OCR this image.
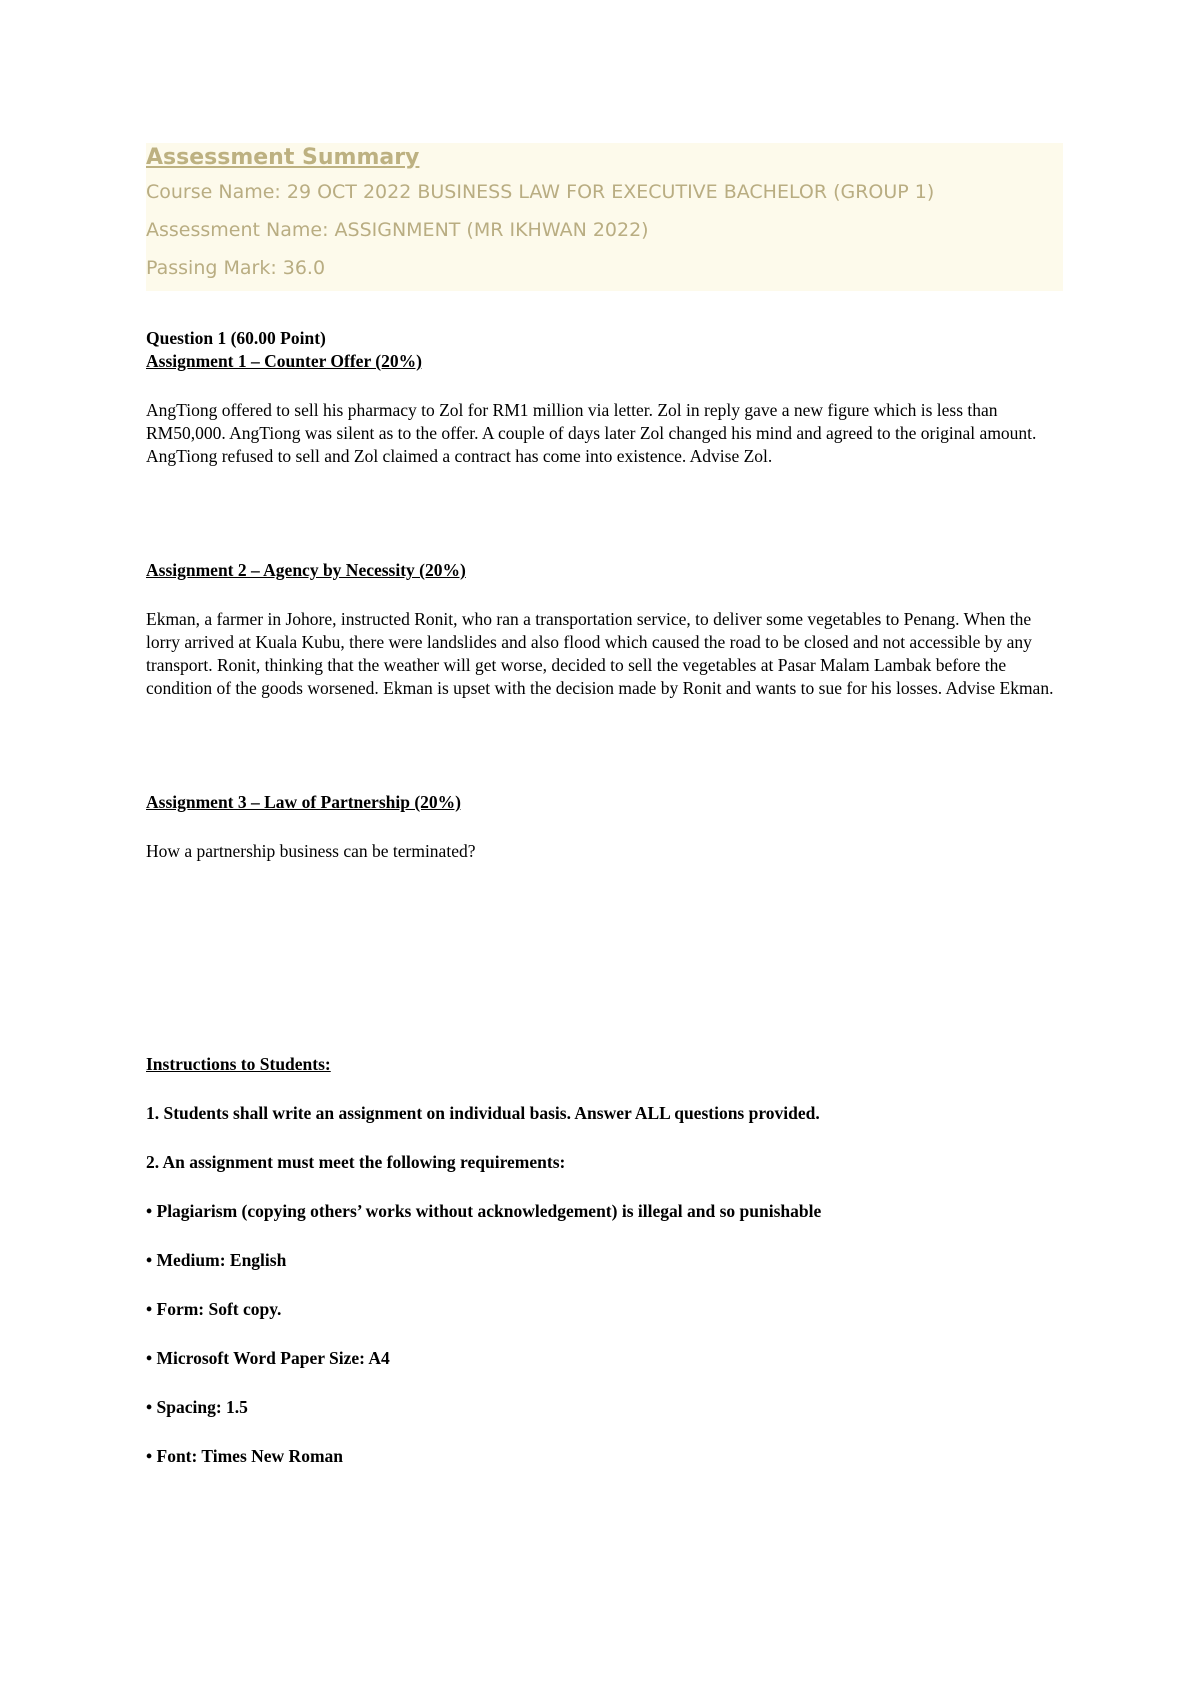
Assessment Summary

Course Name: 29 OCT 2022 BUSINESS LAW FOR EXECUTIVE BACHELOR (GROUP 1)

Assessment Name: ASSIGNMENT (MR IKHWAN 2022)

Passing Mark: 36.0

Question 1 (60.00 Point)

Assignment 1 – Counter Offer (20%)

AngTiong offered to sell his pharmacy to Zol for RM1 million via letter. Zol in reply gave a new figure which is less than RM50,000. AngTiong was silent as to the offer. A couple of days later Zol changed his mind and agreed to the original amount. AngTiong refused to sell and Zol claimed a contract has come into existence. Advise Zol.

Assignment 2 – Agency by Necessity (20%)

Ekman, a farmer in Johore, instructed Ronit, who ran a transportation service, to deliver some vegetables to Penang. When the lorry arrived at Kuala Kubu, there were landslides and also flood which caused the road to be closed and not accessible by any transport. Ronit, thinking that the weather will get worse, decided to sell the vegetables at Pasar Malam Lambak before the condition of the goods worsened. Ekman is upset with the decision made by Ronit and wants to sue for his losses. Advise Ekman.

Assignment 3 – Law of Partnership (20%)

How a partnership business can be terminated?

Instructions to Students:

1. Students shall write an assignment on individual basis. Answer ALL questions provided.

2. An assignment must meet the following requirements:

• Plagiarism (copying others’ works without acknowledgement) is illegal and so punishable

• Medium: English

• Form: Soft copy.

• Microsoft Word Paper Size: A4

• Spacing: 1.5

• Font: Times New Roman
